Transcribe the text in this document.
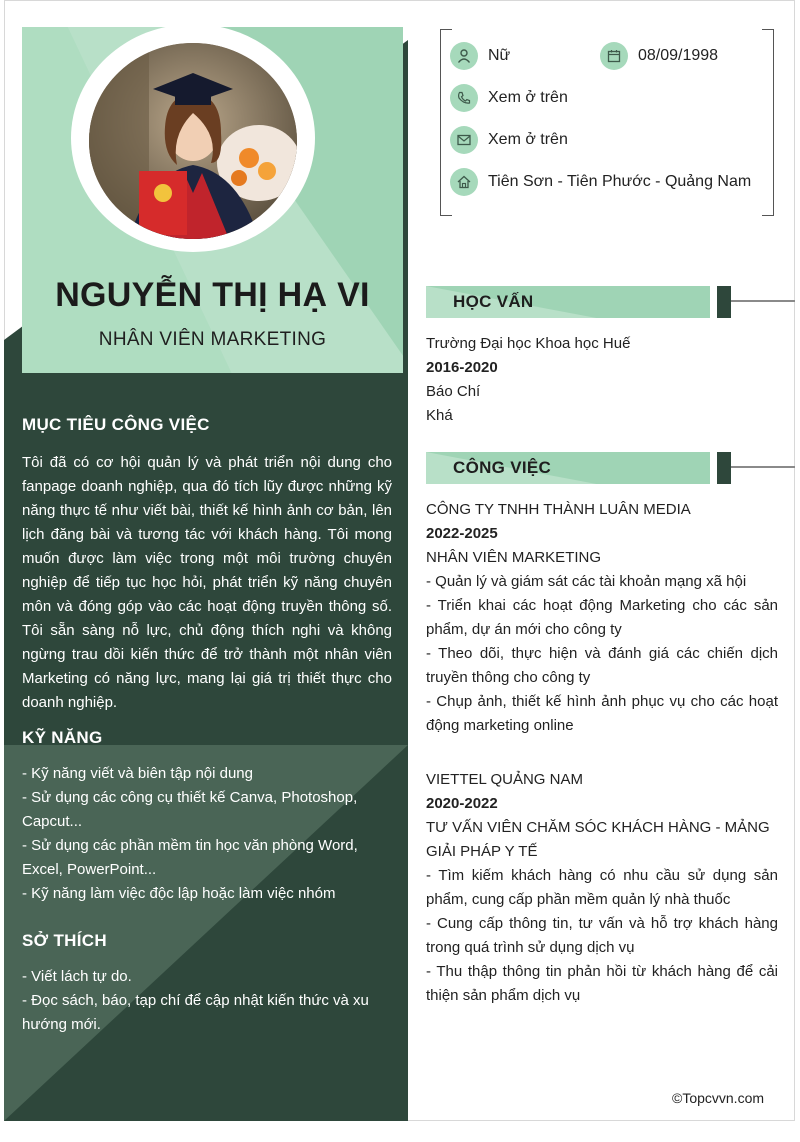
NGUYỄN THỊ HẠ VI
NHÂN VIÊN MARKETING
MỤC TIÊU CÔNG VIỆC

Tôi đã có cơ hội quản lý và phát triển nội dung cho fanpage doanh nghiệp, qua đó tích lũy được những kỹ năng thực tế như viết bài, thiết kế hình ảnh cơ bản, lên lịch đăng bài và tương tác với khách hàng. Tôi mong muốn được làm việc trong một môi trường chuyên nghiệp để tiếp tục học hỏi, phát triển kỹ năng chuyên môn và đóng góp vào các hoạt động truyền thông số. Tôi sẵn sàng nỗ lực, chủ động thích nghi và không ngừng trau dồi kiến thức để trở thành một nhân viên Marketing có năng lực, mang lại giá trị thiết thực cho doanh nghiệp.

KỸ NĂNG
- Kỹ năng viết và biên tập nội dung
- Sử dụng các công cụ thiết kế Canva, Photoshop, Capcut...
- Sử dụng các phần mềm tin học văn phòng Word, Excel, PowerPoint...
- Kỹ năng làm việc độc lập hoặc làm việc nhóm
SỞ THÍCH
- Viết lách tự do.
- Đọc sách, báo, tạp chí để cập nhật kiến thức và xu hướng mới.
Nữ	08/09/1998
Xem ở trên
Xem ở trên
Tiên Sơn - Tiên Phước - Quảng Nam
HỌC VẤN
Trường Đại học Khoa học Huế
2016-2020
Báo Chí
Khá
CÔNG VIỆC
CÔNG TY TNHH THÀNH LUÂN MEDIA
2022-2025
NHÂN VIÊN MARKETING
- Quản lý và giám sát các tài khoản mạng xã hội
- Triển khai các hoạt động Marketing cho các sản phẩm, dự án mới cho công ty
- Theo dõi, thực hiện và đánh giá các chiến dịch truyền thông cho công ty
- Chụp ảnh, thiết kế hình ảnh phục vụ cho các hoạt động marketing online
VIETTEL QUẢNG NAM
2020-2022
TƯ VẤN VIÊN CHĂM SÓC KHÁCH HÀNG - MẢNG GIẢI PHÁP Y TẾ
- Tìm kiếm khách hàng có nhu cầu sử dụng sản phẩm, cung cấp phần mềm quản lý nhà thuốc
- Cung cấp thông tin, tư vấn và hỗ trợ khách hàng trong quá trình sử dụng dịch vụ
- Thu thập thông tin phản hồi từ khách hàng để cải thiện sản phẩm dịch vụ
©Topcvvn.com
